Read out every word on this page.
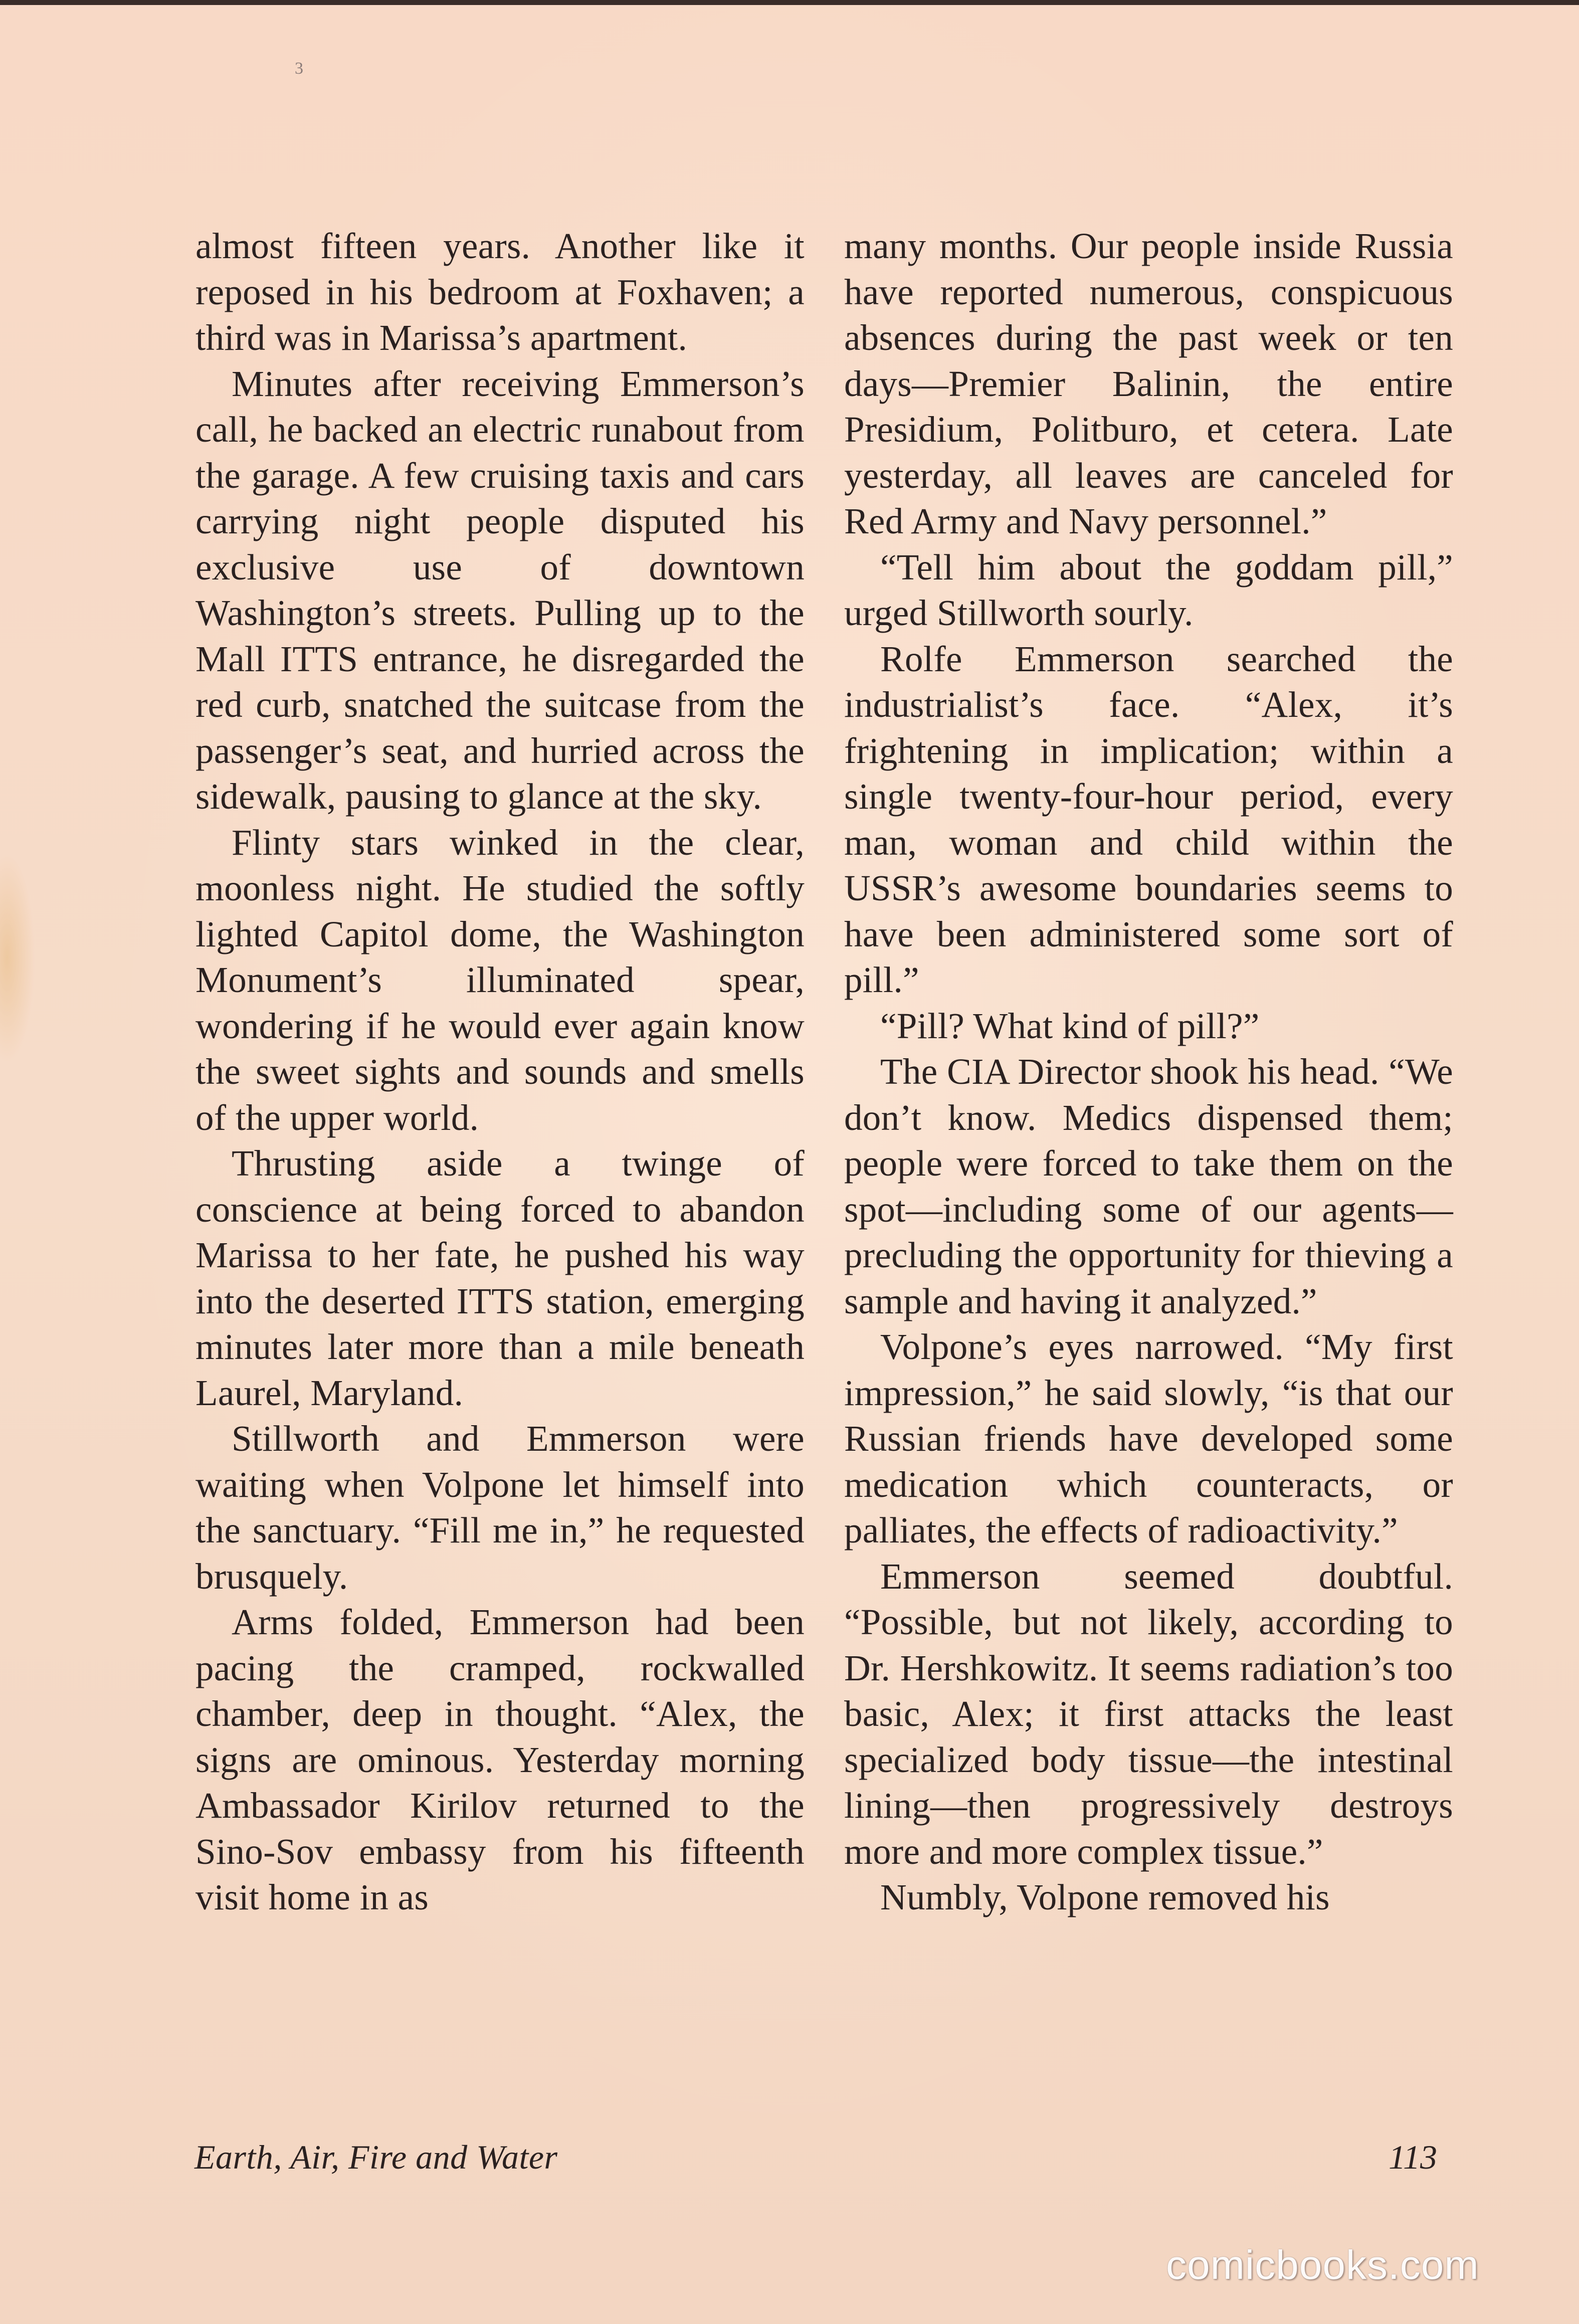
3

almost fifteen years. Another like it reposed in his bedroom at Foxhaven; a third was in Marissa’s apartment.

Minutes after receiving Emmerson’s call, he backed an electric runabout from the garage. A few cruising taxis and cars carrying night people disputed his exclusive use of downtown Washington’s streets. Pulling up to the Mall ITTS entrance, he disregarded the red curb, snatched the suitcase from the passenger’s seat, and hurried across the sidewalk, pausing to glance at the sky.

Flinty stars winked in the clear, moonless night. He studied the softly lighted Capitol dome, the Washington Monument’s illuminated spear, wondering if he would ever again know the sweet sights and sounds and smells of the upper world.

Thrusting aside a twinge of conscience at being forced to abandon Marissa to her fate, he pushed his way into the deserted ITTS station, emerging minutes later more than a mile beneath Laurel, Maryland.

Stillworth and Emmerson were waiting when Volpone let himself into the sanctuary. “Fill me in,” he requested brusquely.

Arms folded, Emmerson had been pacing the cramped, rockwalled chamber, deep in thought. “Alex, the signs are ominous. Yesterday morning Ambassador Kirilov returned to the Sino-Sov embassy from his fifteenth visit home in as

many months. Our people inside Russia have reported numerous, conspicuous absences during the past week or ten days—Premier Balinin, the entire Presidium, Politburo, et cetera. Late yesterday, all leaves are canceled for Red Army and Navy personnel.”

“Tell him about the goddam pill,” urged Stillworth sourly.

Rolfe Emmerson searched the industrialist’s face. “Alex, it’s frightening in implication; within a single twenty-four-hour period, every man, woman and child within the USSR’s awesome boundaries seems to have been administered some sort of pill.”

“Pill? What kind of pill?”

The CIA Director shook his head. “We don’t know. Medics dispensed them; people were forced to take them on the spot—including some of our agents—precluding the opportunity for thieving a sample and having it analyzed.”

Volpone’s eyes narrowed. “My first impression,” he said slowly, “is that our Russian friends have developed some medication which counteracts, or palliates, the effects of radioactivity.”

Emmerson seemed doubtful. “Possible, but not likely, according to Dr. Hershkowitz. It seems radiation’s too basic, Alex; it first attacks the least specialized body tissue—the intestinal lining—then progressively destroys more and more complex tissue.”

Numbly, Volpone removed his

Earth, Air, Fire and Water	113
comicbooks.com
